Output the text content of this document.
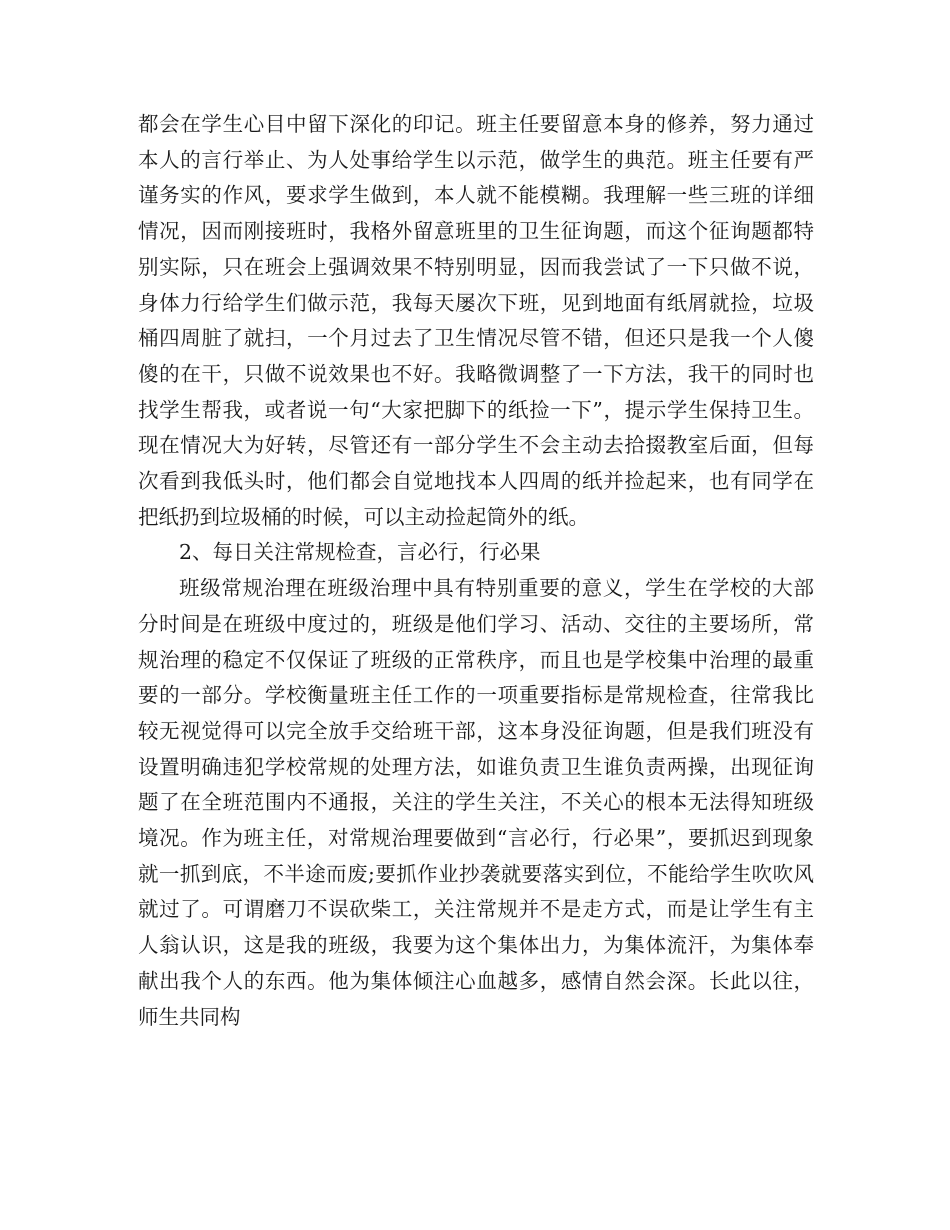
都会在学生心目中留下深化的印记。班主任要留意本身的修养，努力通过本人的言行举止、为人处事给学生以示范，做学生的典范。班主任要有严谨务实的作风，要求学生做到，本人就不能模糊。我理解一些三班的详细情况，因而刚接班时，我格外留意班里的卫生征询题，而这个征询题都特别实际，只在班会上强调效果不特别明显，因而我尝试了一下只做不说，身体力行给学生们做示范，我每天屡次下班，见到地面有纸屑就捡，垃圾桶四周脏了就扫，一个月过去了卫生情况尽管不错，但还只是我一个人傻傻的在干，只做不说效果也不好。我略微调整了一下方法，我干的同时也找学生帮我，或者说一句“大家把脚下的纸捡一下”，提示学生保持卫生。现在情况大为好转，尽管还有一部分学生不会主动去拾掇教室后面，但每次看到我低头时，他们都会自觉地找本人四周的纸并捡起来，也有同学在把纸扔到垃圾桶的时候，可以主动捡起筒外的纸。

2、每日关注常规检查，言必行，行必果

班级常规治理在班级治理中具有特别重要的意义，学生在学校的大部分时间是在班级中度过的，班级是他们学习、活动、交往的主要场所，常规治理的稳定不仅保证了班级的正常秩序，而且也是学校集中治理的最重要的一部分。学校衡量班主任工作的一项重要指标是常规检查，往常我比较无视觉得可以完全放手交给班干部，这本身没征询题，但是我们班没有设置明确违犯学校常规的处理方法，如谁负责卫生谁负责两操，出现征询题了在全班范围内不通报，关注的学生关注，不关心的根本无法得知班级境况。作为班主任，对常规治理要做到“言必行，行必果”，要抓迟到现象就一抓到底，不半途而废;要抓作业抄袭就要落实到位，不能给学生吹吹风就过了。可谓磨刀不误砍柴工，关注常规并不是走方式，而是让学生有主人翁认识，这是我的班级，我要为这个集体出力，为集体流汗，为集体奉献出我个人的东西。他为集体倾注心血越多，感情自然会深。长此以往，师生共同构
